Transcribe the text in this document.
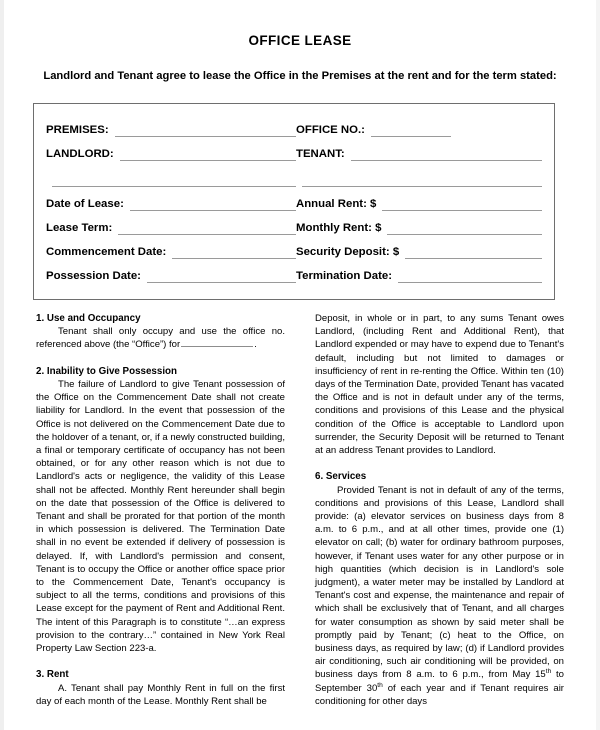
OFFICE LEASE
Landlord and Tenant agree to lease the Office in the Premises at the rent and for the term stated:
PREMISES:	OFFICE NO.:
LANDLORD:	TENANT:
Date of Lease:	Annual Rent: $
Lease Term:	Monthly Rent: $
Commencement Date:	Security Deposit: $
Possession Date:	Termination Date:
1. Use and Occupancy

Tenant shall only occupy and use the office no. referenced above (the “Office”) for	.

2. Inability to Give Possession

The failure of Landlord to give Tenant possession of the Office on the Commencement Date shall not create liability for Landlord. In the event that possession of the Office is not delivered on the Commencement Date due to the holdover of a tenant, or, if a newly constructed building, a final or temporary certificate of occupancy has not been obtained, or for any other reason which is not due to Landlord's acts or negligence, the validity of this Lease shall not be affected. Monthly Rent hereunder shall begin on the date that possession of the Office is delivered to Tenant and shall be prorated for that portion of the month in which possession is delivered. The Termination Date shall in no event be extended if delivery of possession is delayed. If, with Landlord's permission and consent, Tenant is to occupy the Office or another office space prior to the Commencement Date, Tenant's occupancy is subject to all the terms, conditions and provisions of this Lease except for the payment of Rent and Additional Rent. The intent of this Paragraph is to constitute “…an express provision to the contrary…” contained in New York Real Property Law Section 223-a.

3. Rent

A. Tenant shall pay Monthly Rent in full on the first day of each month of the Lease. Monthly Rent shall be

Deposit, in whole or in part, to any sums Tenant owes Landlord, (including Rent and Additional Rent), that Landlord expended or may have to expend due to Tenant's default, including but not limited to damages or insufficiency of rent in re-renting the Office. Within ten (10) days of the Termination Date, provided Tenant has vacated the Office and is not in default under any of the terms, conditions and provisions of this Lease and the physical condition of the Office is acceptable to Landlord upon surrender, the Security Deposit will be returned to Tenant at an address Tenant provides to Landlord.

6. Services

Provided Tenant is not in default of any of the terms, conditions and provisions of this Lease, Landlord shall provide: (a) elevator services on business days from 8 a.m. to 6 p.m., and at all other times, provide one (1) elevator on call; (b) water for ordinary bathroom purposes, however, if Tenant uses water for any other purpose or in high quantities (which decision is in Landlord's sole judgment), a water meter may be installed by Landlord at Tenant's cost and expense, the maintenance and repair of which shall be exclusively that of Tenant, and all charges for water consumption as shown by said meter shall be promptly paid by Tenant; (c) heat to the Office, on business days, as required by law; (d) if Landlord provides air conditioning, such air conditioning will be provided, on business days from 8 a.m. to 6 p.m., from May 15th to September 30th of each year and if Tenant requires air conditioning for other days
